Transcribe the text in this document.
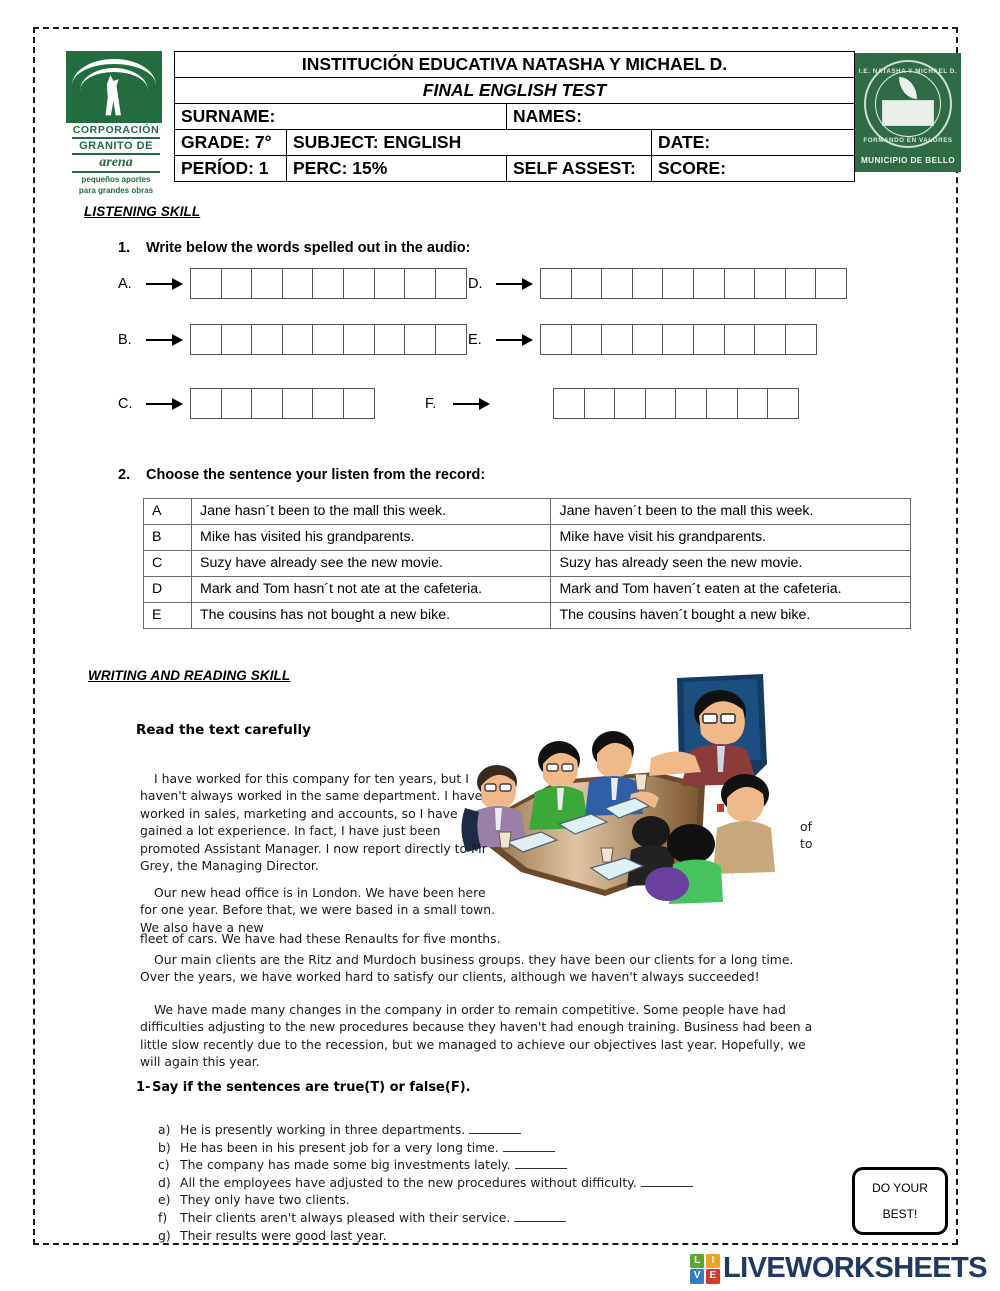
CORPORACIÓN
GRANITO DE
arena
pequeños aportes
para grandes obras
INSTITUCIÓN EDUCATIVA NATASHA Y MICHAEL D.			
FINAL ENGLISH TEST			
SURNAME:		NAMES:	
GRADE: 7°	SUBJECT: ENGLISH		DATE:
PERÍOD: 1	PERC: 15%	SELF ASSEST:	SCORE:
I.E. NATASHA Y MICHAEL D.
FORMANDO EN VALORES
MUNICIPIO DE BELLO
LISTENING SKILL
1. Write below the words spelled out in the audio:
A.
B.
C.
D.
E.
F.
2. Choose the sentence your listen from the record:
A	Jane hasn´t been to the mall this week.	Jane haven´t been to the mall this week.
B	Mike has visited his grandparents.	Mike have visit his grandparents.
C	Suzy have already see the new movie.	Suzy has already seen the new movie.
D	Mark and Tom hasn´t not ate at the cafeteria.	Mark and Tom haven´t eaten at the cafeteria.
E	The cousins has not bought a new bike.	The cousins haven´t bought a new bike.
WRITING AND READING SKILL
Read the text carefully
I have worked for this company for ten years, but I haven't always worked in the same department. I have worked in sales, marketing and accounts, so I have gained a lot experience. In fact, I have just been promoted Assistant Manager. I now report directly to Mr Grey, the Managing Director.
Our new head office is in London. We have been here for one year. Before that, we were based in a small town. We also have a new
fleet of cars. We have had these Renaults for five months.
Our main clients are the Ritz and Murdoch business groups. they have been our clients for a long time. Over the years, we have worked hard to satisfy our clients, although we haven't always succeeded!
We have made many changes in the company in order to remain competitive. Some people have had difficulties adjusting to the new procedures because they haven't had enough training. Business had been a little slow recently due to the recession, but we managed to achieve our objectives last year. Hopefully, we will again this year.
of
to
1- Say if the sentences are true(T) or false(F).
a) He is presently working in three departments.
b) He has been in his present job for a very long time.
c) The company has made some big investments lately.
d) All the employees have adjusted to the new procedures without difficulty.
e) They only have two clients.
f) Their clients aren't always pleased with their service.
g) Their results were good last year.
DO YOUR
BEST!
L	I
V E LIVEWORKSHEETS
